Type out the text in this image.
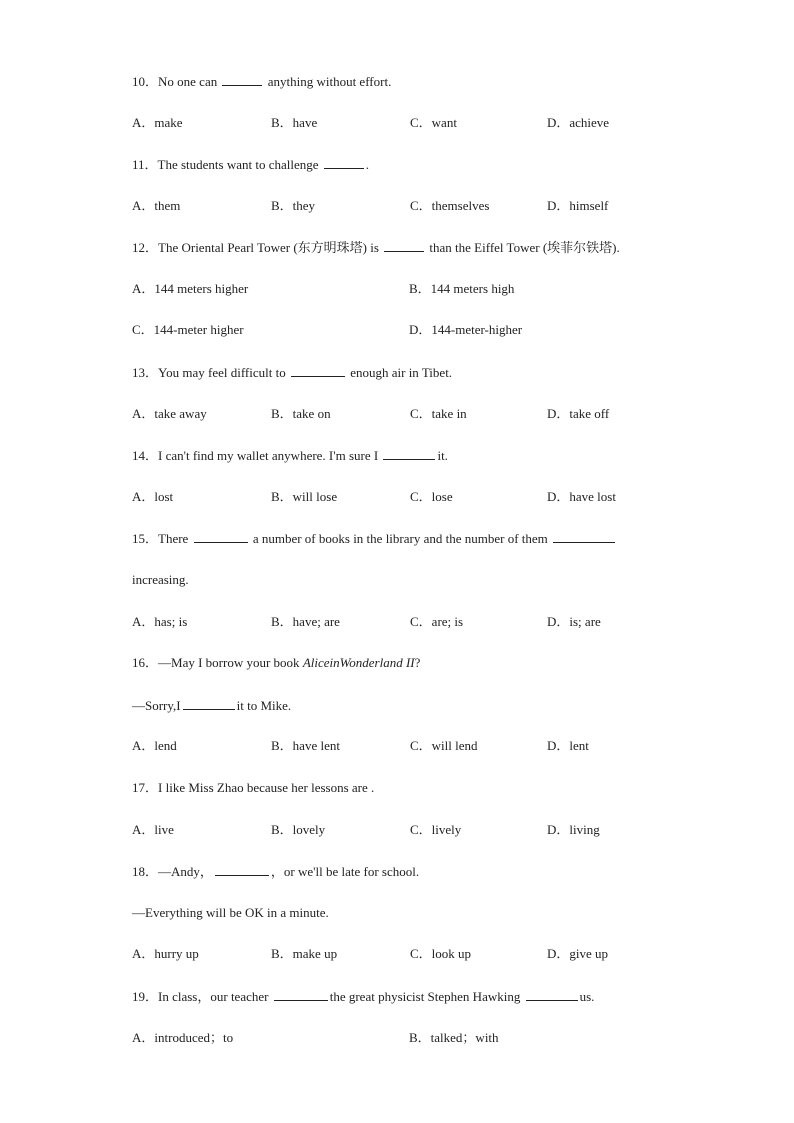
10．No one can	anything without effort.
A．make	B．have	C．want	D．achieve
11．The students want to challenge	.
A．them	B．they	C．themselves	D．himself
12．The Oriental Pearl Tower (东方明珠塔) is	than the Eiffel Tower (埃菲尔铁塔).
A．144 meters higher	B．144 meters high
C．144-meter higher	D．144-meter-higher
13．You may feel difficult to	enough air in Tibet.
A．take away	B．take on	C．take in	D．take off
14．I can't find my wallet anywhere. I'm sure I	it.
A．lost	B．will lose	C．lose	D．have lost
15．There	a number of books in the library and the number of them
increasing.
A．has; is	B．have; are	C．are; is	D．is; are
16．—May I borrow your book AliceinWonderland II?
—Sorry,I	it to Mike.
A．lend	B．have lent	C．will lend	D．lent
17．I like Miss Zhao because her lessons are .
A．live	B．lovely	C．lively	D．living
18．—Andy，	，or we'll be late for school.
—Everything will be OK in a minute.
A．hurry up	B．make up	C．look up	D．give up
19．In class，our teacher	the great physicist Stephen Hawking	us.
A．introduced；to	B．talked；with
